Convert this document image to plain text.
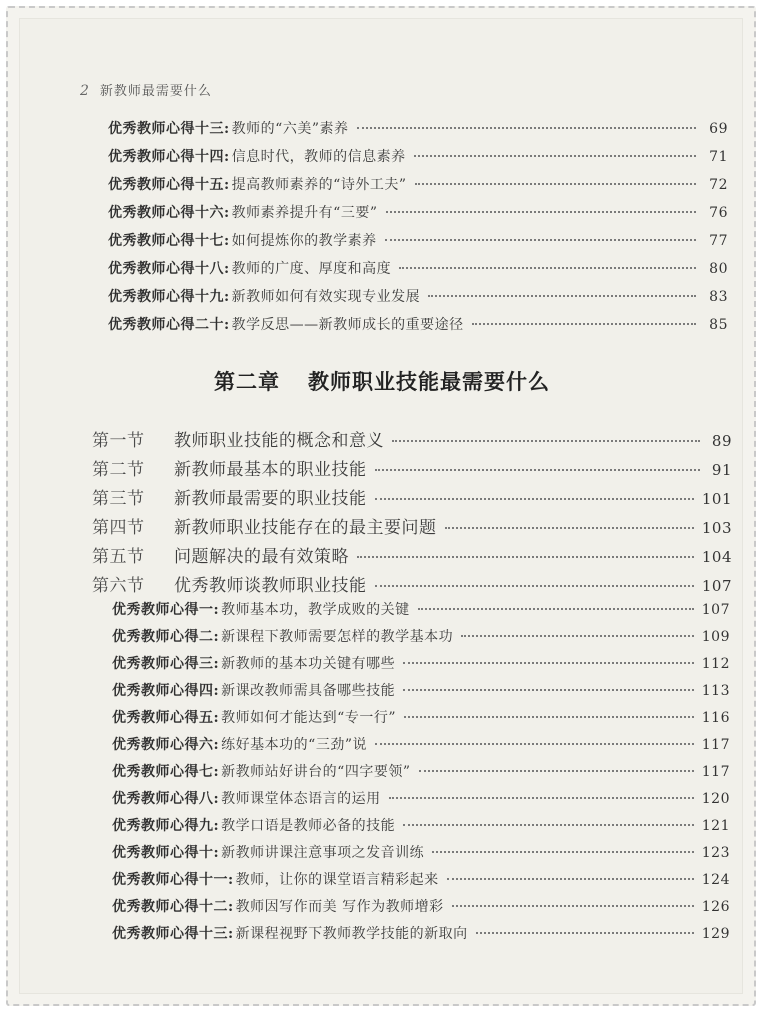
2 新教师最需要什么
优秀教师心得十三 : 教师的“六美”素养	69
优秀教师心得十四 : 信息时代，教师的信息素养	71
优秀教师心得十五 : 提高教师素养的“诗外工夫”	72
优秀教师心得十六 : 教师素养提升有“三要”	76
优秀教师心得十七 : 如何提炼你的教学素养	77
优秀教师心得十八 : 教师的广度、厚度和高度	80
优秀教师心得十九 : 新教师如何有效实现专业发展	83
优秀教师心得二十 : 教学反思——新教师成长的重要途径	85
第二章 教师职业技能最需要什么
第一节	教师职业技能的概念和意义	89
第二节	新教师最基本的职业技能	91
第三节	新教师最需要的职业技能	101
第四节	新教师职业技能存在的最主要问题	103
第五节	问题解决的最有效策略	104
第六节	优秀教师谈教师职业技能	107
优秀教师心得一 : 教师基本功，教学成败的关键	107
优秀教师心得二 : 新课程下教师需要怎样的教学基本功	109
优秀教师心得三 : 新教师的基本功关键有哪些	112
优秀教师心得四 : 新课改教师需具备哪些技能	113
优秀教师心得五 : 教师如何才能达到“专一行”	116
优秀教师心得六 : 练好基本功的“三劲”说	117
优秀教师心得七 : 新教师站好讲台的“四字要领”	117
优秀教师心得八 : 教师课堂体态语言的运用	120
优秀教师心得九 : 教学口语是教师必备的技能	121
优秀教师心得十 : 新教师讲课注意事项之发音训练	123
优秀教师心得十一 : 教师，让你的课堂语言精彩起来	124
优秀教师心得十二 : 教师因写作而美 写作为教师增彩	126
优秀教师心得十三 : 新课程视野下教师教学技能的新取向	129
